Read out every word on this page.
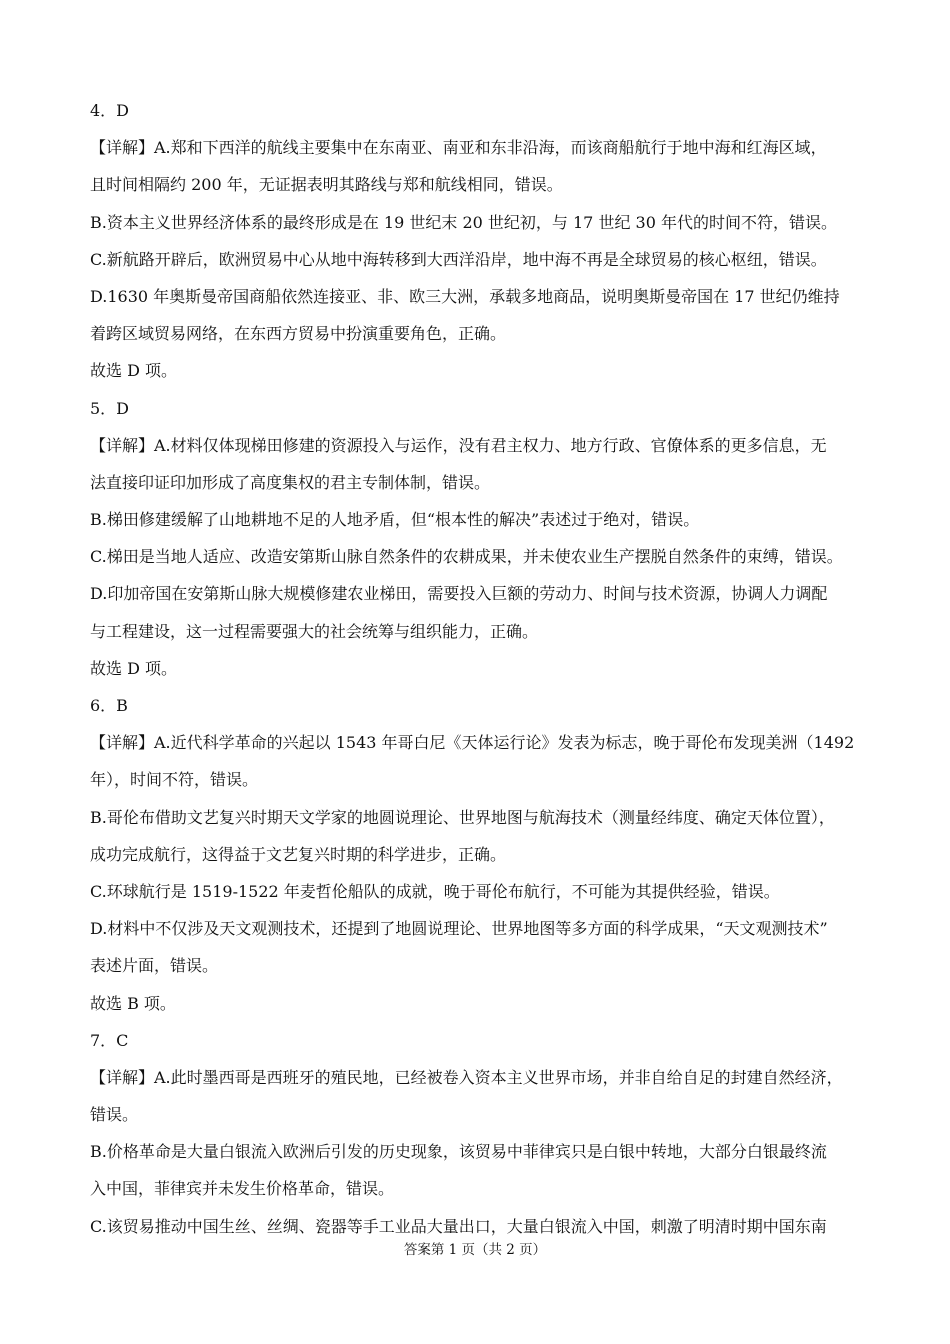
4．D
【详解】A.郑和下西洋的航线主要集中在东南亚、南亚和东非沿海，而该商船航行于地中海和红海区域，
且时间相隔约 200 年，无证据表明其路线与郑和航线相同，错误。
B.资本主义世界经济体系的最终形成是在 19 世纪末 20 世纪初，与 17 世纪 30 年代的时间不符，错误。
C.新航路开辟后，欧洲贸易中心从地中海转移到大西洋沿岸，地中海不再是全球贸易的核心枢纽，错误。
D.1630 年奥斯曼帝国商船依然连接亚、非、欧三大洲，承载多地商品，说明奥斯曼帝国在 17 世纪仍维持
着跨区域贸易网络，在东西方贸易中扮演重要角色，正确。
故选 D 项。
5．D
【详解】A.材料仅体现梯田修建的资源投入与运作，没有君主权力、地方行政、官僚体系的更多信息，无
法直接印证印加形成了高度集权的君主专制体制，错误。
B.梯田修建缓解了山地耕地不足的人地矛盾，但“根本性的解决”表述过于绝对，错误。
C.梯田是当地人适应、改造安第斯山脉自然条件的农耕成果，并未使农业生产摆脱自然条件的束缚，错误。
D.印加帝国在安第斯山脉大规模修建农业梯田，需要投入巨额的劳动力、时间与技术资源，协调人力调配
与工程建设，这一过程需要强大的社会统筹与组织能力，正确。
故选 D 项。
6．B
【详解】A.近代科学革命的兴起以 1543 年哥白尼《天体运行论》发表为标志，晚于哥伦布发现美洲（1492
年），时间不符，错误。
B.哥伦布借助文艺复兴时期天文学家的地圆说理论、世界地图与航海技术（测量经纬度、确定天体位置），
成功完成航行，这得益于文艺复兴时期的科学进步，正确。
C.环球航行是 1519-1522 年麦哲伦船队的成就，晚于哥伦布航行，不可能为其提供经验，错误。
D.材料中不仅涉及天文观测技术，还提到了地圆说理论、世界地图等多方面的科学成果，“天文观测技术”
表述片面，错误。
故选 B 项。
7．C
【详解】A.此时墨西哥是西班牙的殖民地，已经被卷入资本主义世界市场，并非自给自足的封建自然经济，
错误。
B.价格革命是大量白银流入欧洲后引发的历史现象，该贸易中菲律宾只是白银中转地，大部分白银最终流
入中国，菲律宾并未发生价格革命，错误。
C.该贸易推动中国生丝、丝绸、瓷器等手工业品大量出口，大量白银流入中国，刺激了明清时期中国东南
答案第 1 页（共 2 页）
